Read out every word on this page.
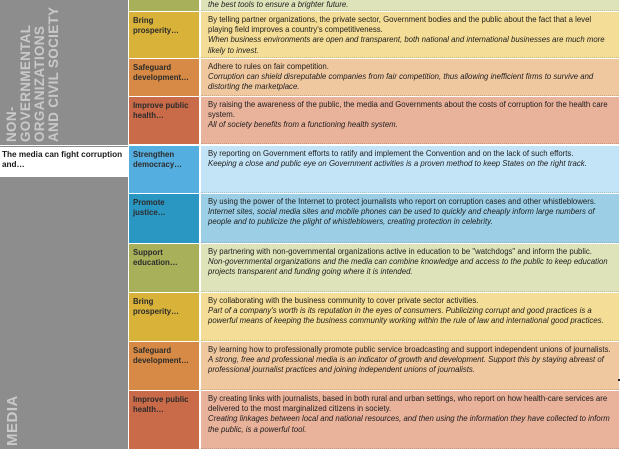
NON-GOVERNMENTAL ORGANIZATIONS AND CIVIL SOCIETY
MEDIA
The media can fight corruption and…
the best tools to ensure a brighter future.
Bring prosperity…
By telling partner organizations, the private sector, Government bodies and the public about the fact that a level playing field improves a country's competitiveness.
When business environments are open and transparent, both national and international businesses are much more likely to invest.
Safeguard development…
Adhere to rules on fair competition.
Corruption can shield disreputable companies from fair competition, thus allowing inefficient firms to survive and distorting the marketplace.
Improve public health…
By raising the awareness of the public, the media and Governments about the costs of corruption for the health care system.
All of society benefits from a functioning health system.
Strengthen democracy…
By reporting on Government efforts to ratify and implement the Convention and on the lack of such efforts.
Keeping a close and public eye on Government activities is a proven method to keep States on the right track.
Promote justice…
By using the power of the Internet to protect journalists who report on corruption cases and other whistleblowers.
Internet sites, social media sites and mobile phones can be used to quickly and cheaply inform large numbers of people and to publicize the plight of whistleblowers, creating protection in celebrity.
Support education…
By partnering with non-governmental organizations active in education to be "watchdogs" and inform the public.
Non-governmental organizations and the media can combine knowledge and access to the public to keep education projects transparent and funding going where it is intended.
Bring prosperity…
By collaborating with the business community to cover private sector activities.
Part of a company's worth is its reputation in the eyes of consumers. Publicizing corrupt and good practices is a powerful means of keeping the business community working within the rule of law and international good practices.
Safeguard development…
By learning how to professionally promote public service broadcasting and support independent unions of journalists.
A strong, free and professional media is an indicator of growth and development. Support this by staying abreast of professional journalist practices and joining independent unions of journalists.
Improve public health…
By creating links with journalists, based in both rural and urban settings, who report on how health-care services are delivered to the most marginalized citizens in society.
Creating linkages between local and national resources, and then using the information they have collected to inform the public, is a powerful tool.
